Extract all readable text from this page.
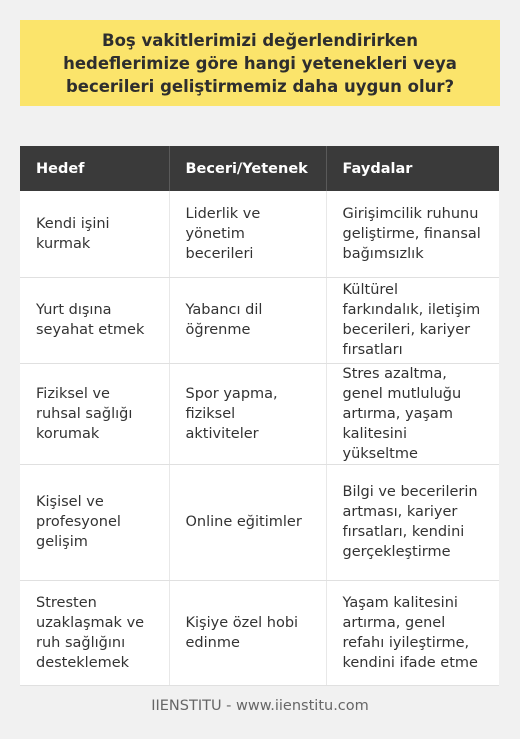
Boş vakitlerimizi değerlendirirken hedeflerimize göre hangi yetenekleri veya becerileri geliştirmemiz daha uygun olur?
Hedef	Beceri/Yetenek	Faydalar
Kendi işini kurmak	Liderlik ve yönetim becerileri	Girişimcilik ruhunu geliştirme, finansal bağımsızlık
Yurt dışına seyahat etmek	Yabancı dil öğrenme	Kültürel farkındalık, iletişim becerileri, kariyer fırsatları
Fiziksel ve ruhsal sağlığı korumak	Spor yapma, fiziksel aktiviteler	Stres azaltma, genel mutluluğu artırma, yaşam kalitesini yükseltme
Kişisel ve profesyonel gelişim	Online eğitimler	Bilgi ve becerilerin artması, kariyer fırsatları, kendini gerçekleştirme
Stresten uzaklaşmak ve ruh sağlığını desteklemek	Kişiye özel hobi edinme	Yaşam kalitesini artırma, genel refahı iyileştirme, kendini ifade etme
IIENSTITU - www.iienstitu.com
